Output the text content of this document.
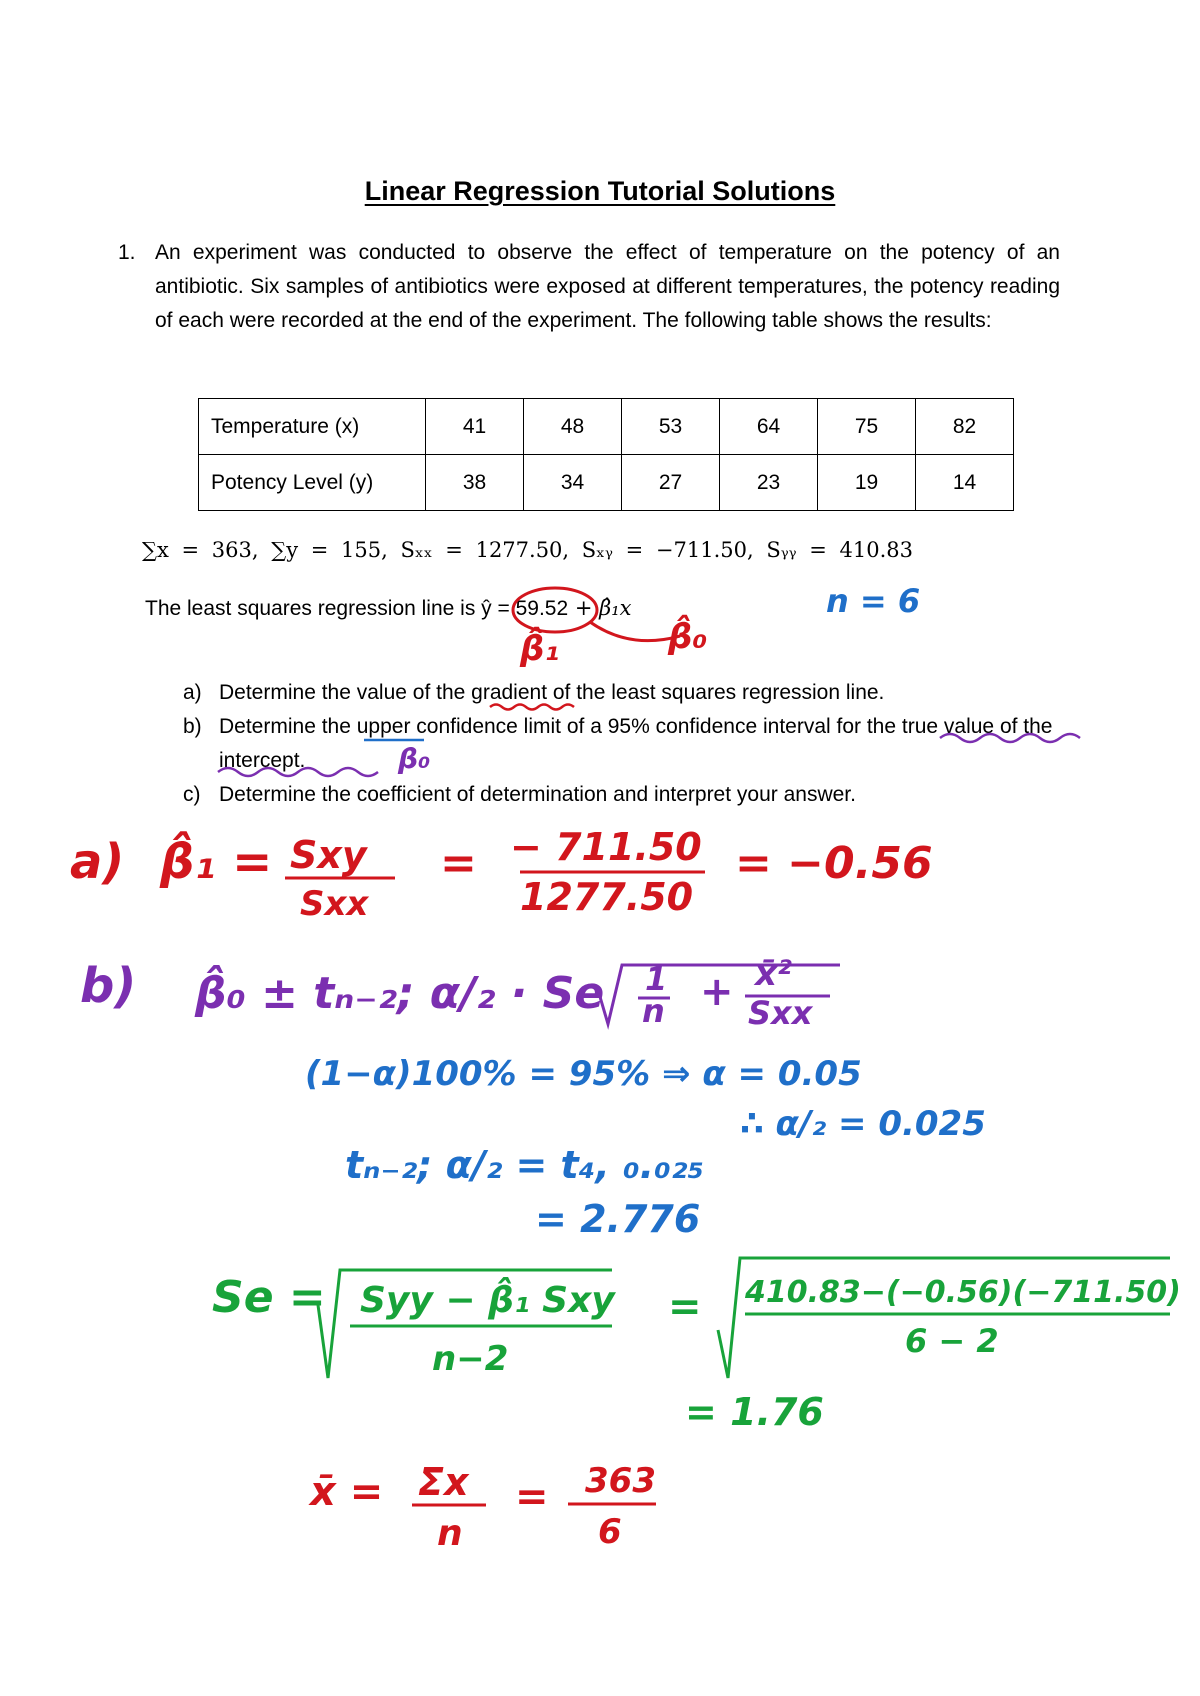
Linear Regression Tutorial Solutions
1. An experiment was conducted to observe the effect of temperature on the potency of an antibiotic. Six samples of antibiotics were exposed at different temperatures, the potency reading of each were recorded at the end of the experiment. The following table shows the results:
Temperature (x)	41	48	53	64	75	82
Potency Level (y)	38	34	27	23	19	14
∑x = 363, ∑y = 155, Sₓₓ = 1277.50, Sₓᵧ = −711.50, Sᵧᵧ = 410.83
The least squares regression line is ŷ = 59.52 + β̂₁x
a) Determine the value of the gradient of the least squares regression line.
b) Determine the upper confidence limit of a 95% confidence interval for the true value of the intercept.
c) Determine the coefficient of determination and interpret your answer.
β̂₁	β̂₀
n = 6
β₀
a) β̂₁ = Sxy
Sxx
= − 711.50
1277.50
= −0.56
b) β̂₀ ± tₙ₋₂; α/₂ · Se 1
n + x̄²
Sxx
(1−α)100% = 95% ⇒ α = 0.05
∴ α/₂ = 0.025
tₙ₋₂; α/₂ = t₄, ₀.₀₂₅
= 2.776
Se = Syy − β̂₁ Sxy
n−2
= 410.83−(−0.56)(−711.50)
6 − 2
= 1.76
x̄ = Σx
n
= 363
6
